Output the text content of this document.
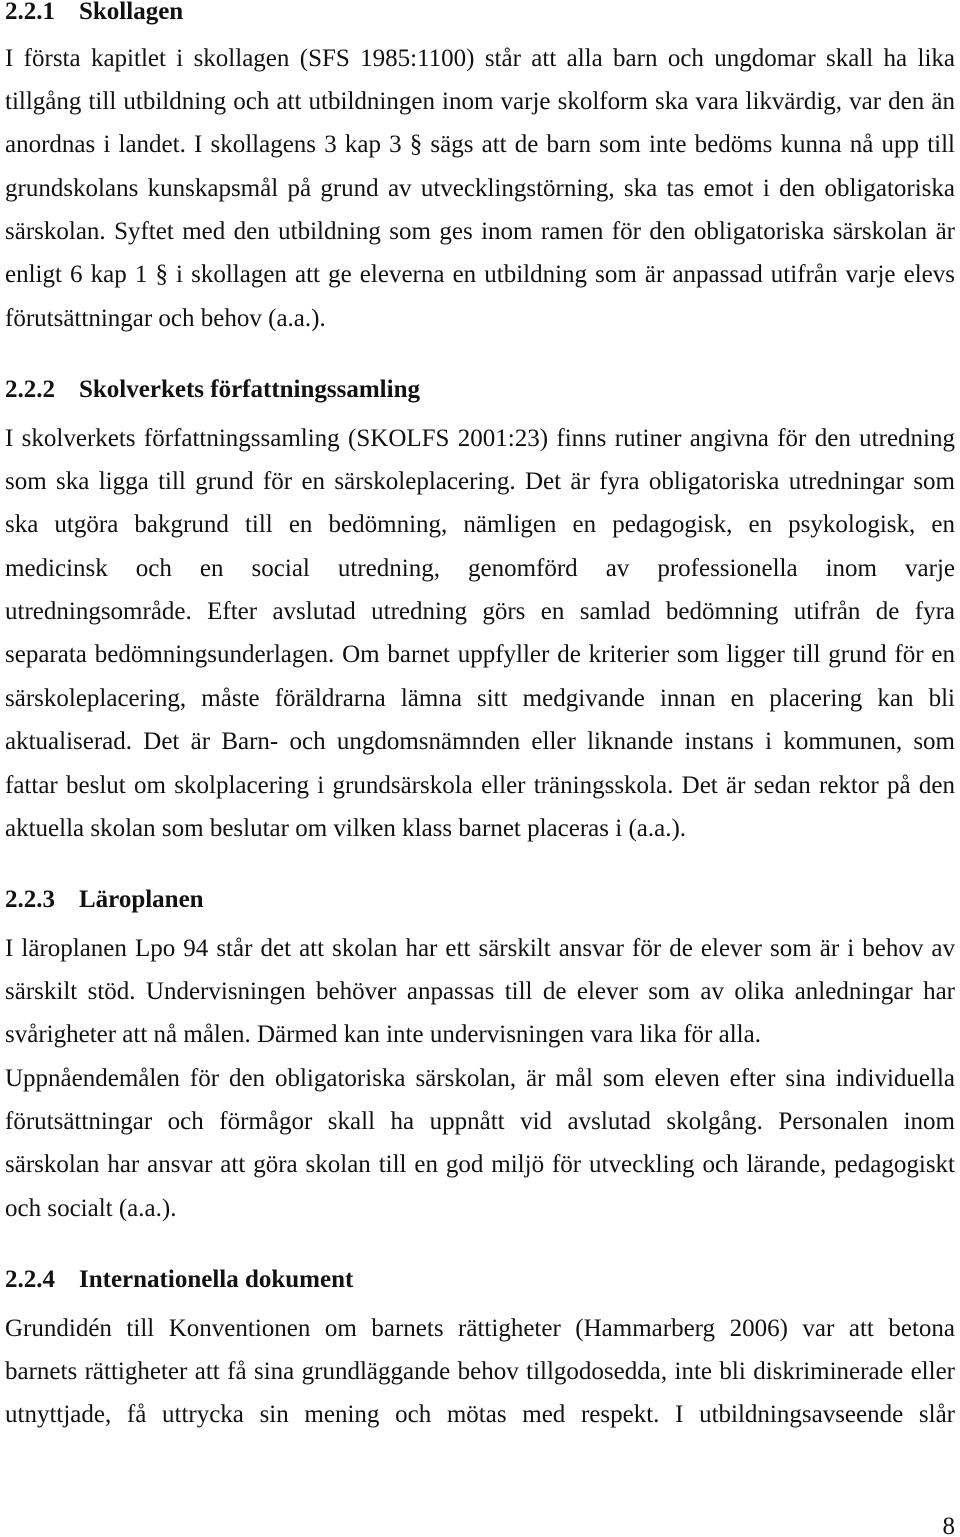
2.2.1 Skollagen
I första kapitlet i skollagen (SFS 1985:1100) står att alla barn och ungdomar skall ha lika
tillgång till utbildning och att utbildningen inom varje skolform ska vara likvärdig, var den än
anordnas i landet. I skollagens 3 kap 3 § sägs att de barn som inte bedöms kunna nå upp till
grundskolans kunskapsmål på grund av utvecklingstörning, ska tas emot i den obligatoriska
särskolan. Syftet med den utbildning som ges inom ramen för den obligatoriska särskolan är
enligt 6 kap 1 § i skollagen att ge eleverna en utbildning som är anpassad utifrån varje elevs
förutsättningar och behov (a.a.).
2.2.2 Skolverkets författningssamling
I skolverkets författningssamling (SKOLFS 2001:23) finns rutiner angivna för den utredning
som ska ligga till grund för en särskoleplacering. Det är fyra obligatoriska utredningar som
ska utgöra bakgrund till en bedömning, nämligen en pedagogisk, en psykologisk, en
medicinsk och en social utredning, genomförd av professionella inom varje
utredningsområde. Efter avslutad utredning görs en samlad bedömning utifrån de fyra
separata bedömningsunderlagen. Om barnet uppfyller de kriterier som ligger till grund för en
särskoleplacering, måste föräldrarna lämna sitt medgivande innan en placering kan bli
aktualiserad. Det är Barn- och ungdomsnämnden eller liknande instans i kommunen, som
fattar beslut om skolplacering i grundsärskola eller träningsskola. Det är sedan rektor på den
aktuella skolan som beslutar om vilken klass barnet placeras i (a.a.).
2.2.3 Läroplanen
I läroplanen Lpo 94 står det att skolan har ett särskilt ansvar för de elever som är i behov av
särskilt stöd. Undervisningen behöver anpassas till de elever som av olika anledningar har
svårigheter att nå målen. Därmed kan inte undervisningen vara lika för alla.
Uppnåendemålen för den obligatoriska särskolan, är mål som eleven efter sina individuella
förutsättningar och förmågor skall ha uppnått vid avslutad skolgång. Personalen inom
särskolan har ansvar att göra skolan till en god miljö för utveckling och lärande, pedagogiskt
och socialt (a.a.).
2.2.4 Internationella dokument
Grundidén till Konventionen om barnets rättigheter (Hammarberg 2006) var att betona
barnets rättigheter att få sina grundläggande behov tillgodosedda, inte bli diskriminerade eller
utnyttjade, få uttrycka sin mening och mötas med respekt. I utbildningsavseende slår
8
